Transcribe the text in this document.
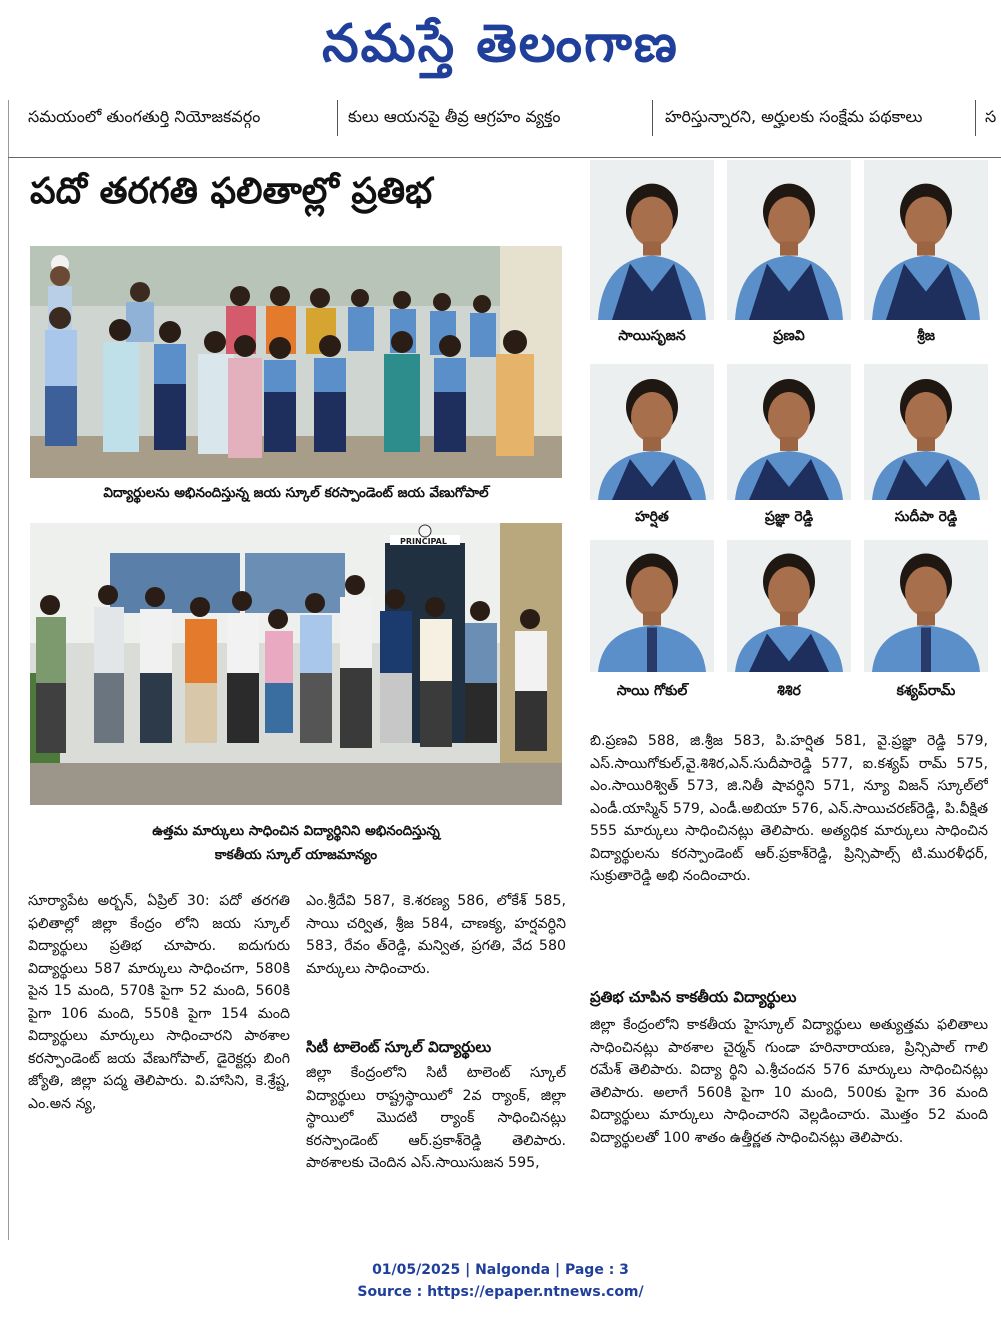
నమస్తే తెలంగాణ
సమయంలో తుంగతుర్తి నియోజకవర్గం	కులు ఆయనపై తీవ్ర ఆగ్రహం వ్యక్తం	హరిస్తున్నారని, అర్హులకు సంక్షేమ పథకాలు	స
పదో తరగతి ఫలితాల్లో ప్రతిభ
విద్యార్థులను అభినందిస్తున్న జయ స్కూల్ కరస్పాండెంట్ జయ వేణుగోపాల్
PRINCIPAL
ఉత్తమ మార్కులు సాధించిన విద్యార్థినిని అభినందిస్తున్న
కాకతీయ స్కూల్ యాజమాన్యం

సూర్యాపేట అర్బన్, ఏప్రిల్ 30: పదో తరగతి ఫలితాల్లో జిల్లా కేంద్రం లోని జయ స్కూల్ విద్యార్థులు ప్రతిభ చూపారు. ఐదుగురు విద్యార్థులు 587 మార్కులు సాధించగా, 580కి పైన 15 మంది, 570కి పైగా 52 మంది, 560కి పైగా 106 మంది, 550కి పైగా 154 మంది విద్యార్థులు మార్కులు సాధించారని పాఠశాల కరస్పాండెంట్ జయ వేణుగోపాల్, డైరెక్టర్లు బింగి జ్యోతి, జిల్లా పద్మ తెలిపారు. వి.హాసిని, కె.శ్రేష్ట, ఎం.అన న్య,

ఎం.శ్రీదేవి 587, కె.శరణ్య 586, లోకేశ్ 585, సాయి చర్విత, శ్రీజ 584, చాణక్య, హర్షవర్ధిని 583, రేవం త్‌రెడ్డి, మన్విత, ప్రగతి, వేద 580 మార్కులు సాధించారు.

సిటీ టాలెంట్ స్కూల్ విద్యార్థులు

జిల్లా కేంద్రంలోని సిటీ టాలెంట్ స్కూల్ విద్యార్థులు రాష్ట్రస్థాయిలో 2వ ర్యాంక్, జిల్లా స్థాయిలో మొదటి ర్యాంక్ సాధించినట్లు కరస్పాండెంట్ ఆర్.ప్రకాశ్‌రెడ్డి తెలిపారు. పాఠశాలకు చెందిన ఎస్.సాయిసుజన 595,

సాయిసృజన	ప్రణవి	శ్రీజ
హర్షిత	ప్రజ్ఞా రెడ్డి	సుదీపా రెడ్డి
సాయి గోకుల్	శిశిర	కశ్యప్‌రామ్

బి.ప్రణవి 588, జి.శ్రీజ 583, పి.హర్షిత 581, వై.ప్రజ్ఞా రెడ్డి 579, ఎస్.సాయిగోకుల్,వై.శిశిర,ఎన్.సుదీపారెడ్డి 577, ఐ.కశ్యప్ రామ్ 575, ఎం.సాయిరిశ్విత్ 573, జి.నితీ షావర్ధిని 571, న్యూ విజన్ స్కూల్‌లో ఎండీ.యాస్మిన్ 579, ఎండీ.అబియా 576, ఎన్.సాయిచరణ్‌రెడ్డి, పి.వీక్షిత 555 మార్కులు సాధించినట్లు తెలిపారు. అత్యధిక మార్కులు సాధించిన విద్యార్థులను కరస్పాండెంట్ ఆర్.ప్రకాశ్‌రెడ్డి, ప్రిన్సిపాల్స్ టి.మురళీధర్, సుక్రుతారెడ్డి అభి నందించారు.

ప్రతిభ చూపిన కాకతీయ విద్యార్థులు

జిల్లా కేంద్రంలోని కాకతీయ హైస్కూల్ విద్యార్థులు అత్యుత్తమ ఫలితాలు సాధించినట్లు పాఠశాల చైర్మన్ గుండా హరినారాయణ, ప్రిన్సిపాల్ గాలి రమేశ్ తెలిపారు. విద్యా ర్థిని ఎ.శ్రీచందన 576 మార్కులు సాధించినట్లు తెలిపారు. అలాగే 560కి పైగా 10 మంది, 500కు పైగా 36 మంది విద్యార్థులు మార్కులు సాధించారని వెల్లడించారు. మొత్తం 52 మంది విద్యార్థులతో 100 శాతం ఉత్తీర్ణత సాధించినట్లు తెలిపారు.

01/05/2025 | Nalgonda | Page : 3
Source : https://epaper.ntnews.com/
